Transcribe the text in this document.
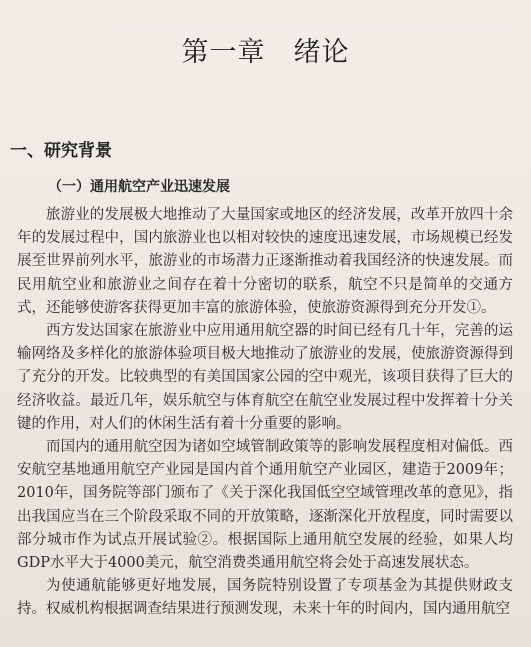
第一章　绪论
一、研究背景
（一）通用航空产业迅速发展

旅游业的发展极大地推动了大量国家或地区的经济发展，改革开放四十余年的发展过程中，国内旅游业也以相对较快的速度迅速发展，市场规模已经发展至世界前列水平，旅游业的市场潜力正逐渐推动着我国经济的快速发展。而民用航空业和旅游业之间存在着十分密切的联系，航空不只是简单的交通方式，还能够使游客获得更加丰富的旅游体验，使旅游资源得到充分开发①。

西方发达国家在旅游业中应用通用航空器的时间已经有几十年，完善的运输网络及多样化的旅游体验项目极大地推动了旅游业的发展，使旅游资源得到了充分的开发。比较典型的有美国国家公园的空中观光，该项目获得了巨大的经济收益。最近几年，娱乐航空与体育航空在航空业发展过程中发挥着十分关键的作用，对人们的休闲生活有着十分重要的影响。

而国内的通用航空因为诸如空域管制政策等的影响发展程度相对偏低。西安航空基地通用航空产业园是国内首个通用航空产业园区，建造于2009年；2010年，国务院等部门颁布了《关于深化我国低空空域管理改革的意见》，指出我国应当在三个阶段采取不同的开放策略，逐渐深化开放程度，同时需要以部分城市作为试点开展试验②。根据国际上通用航空发展的经验，如果人均GDP水平大于4000美元，航空消费类通用航空将会处于高速发展状态。

为使通航能够更好地发展，国务院特别设置了专项基金为其提供财政支持。权威机构根据调查结果进行预测发现，未来十年的时间内，国内通用航空
